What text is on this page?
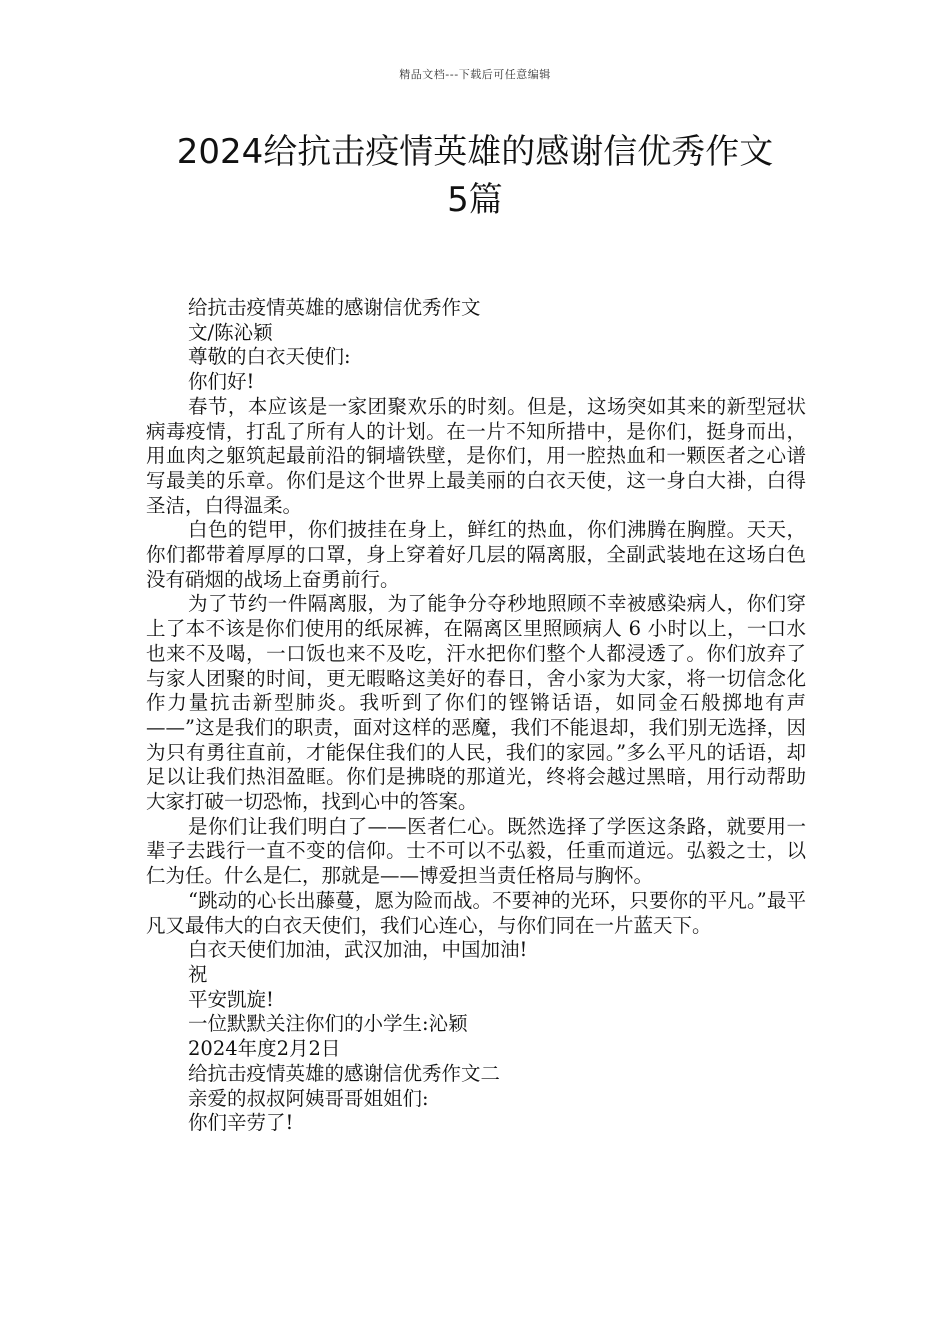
精品文档---下载后可任意编辑
2024给抗击疫情英雄的感谢信优秀作文
5篇

给抗击疫情英雄的感谢信优秀作文

文/陈沁颖

尊敬的白衣天使们:

你们好!

春节，本应该是一家团聚欢乐的时刻。但是，这场突如其来的新型冠状病毒疫情，打乱了所有人的计划。在一片不知所措中，是你们，挺身而出，用血肉之躯筑起最前沿的铜墙铁壁，是你们，用一腔热血和一颗医者之心谱写最美的乐章。你们是这个世界上最美丽的白衣天使，这一身白大褂，白得圣洁，白得温柔。

白色的铠甲，你们披挂在身上，鲜红的热血，你们沸腾在胸膛。天天，你们都带着厚厚的口罩，身上穿着好几层的隔离服，全副武装地在这场白色没有硝烟的战场上奋勇前行。

为了节约一件隔离服，为了能争分夺秒地照顾不幸被感染病人，你们穿上了本不该是你们使用的纸尿裤，在隔离区里照顾病人 6 小时以上，一口水也来不及喝，一口饭也来不及吃，汗水把你们整个人都浸透了。你们放弃了与家人团聚的时间，更无暇略这美好的春日，舍小家为大家，将一切信念化作力量抗击新型肺炎。我听到了你们的铿锵话语，如同金石般掷地有声——”这是我们的职责，面对这样的恶魔，我们不能退却，我们别无选择，因为只有勇往直前，才能保住我们的人民，我们的家园。”多么平凡的话语，却足以让我们热泪盈眶。你们是拂晓的那道光，终将会越过黑暗，用行动帮助大家打破一切恐怖，找到心中的答案。

是你们让我们明白了——医者仁心。既然选择了学医这条路，就要用一辈子去践行一直不变的信仰。士不可以不弘毅，任重而道远。弘毅之士，以仁为任。什么是仁，那就是——博爱担当责任格局与胸怀。

“跳动的心长出藤蔓，愿为险而战。不要神的光环，只要你的平凡。”最平凡又最伟大的白衣天使们，我们心连心，与你们同在一片蓝天下。

白衣天使们加油，武汉加油，中国加油!

祝

平安凯旋!

一位默默关注你们的小学生:沁颖

2024年度2月2日

给抗击疫情英雄的感谢信优秀作文二

亲爱的叔叔阿姨哥哥姐姐们:

你们辛劳了!
